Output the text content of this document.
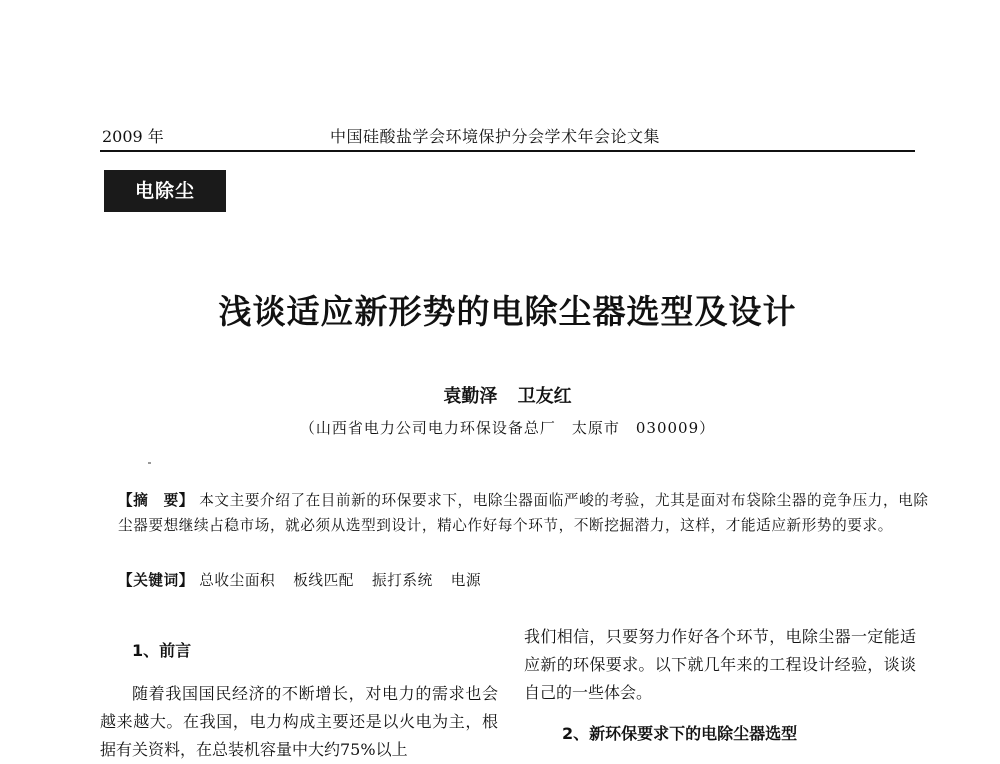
2009 年	中国硅酸盐学会环境保护分会学术年会论文集
电除尘
浅谈适应新形势的电除尘器选型及设计
袁勤泽 卫友红
（山西省电力公司电力环保设备总厂　太原市　030009）

【摘　要】 本文主要介绍了在目前新的环保要求下，电除尘器面临严峻的考验，尤其是面对布袋除尘器的竞争压力，电除尘器要想继续占稳市场，就必须从选型到设计，精心作好每个环节，不断挖掘潜力，这样，才能适应新形势的要求。

【关键词】 总收尘面积 板线匹配 振打系统 电源

1、前言

随着我国国民经济的不断增长，对电力的需求也会越来越大。在我国，电力构成主要还是以火电为主，根据有关资料，在总装机容量中大约75%以上

我们相信，只要努力作好各个环节，电除尘器一定能适应新的环保要求。以下就几年来的工程设计经验，谈谈自己的一些体会。

2、新环保要求下的电除尘器选型
